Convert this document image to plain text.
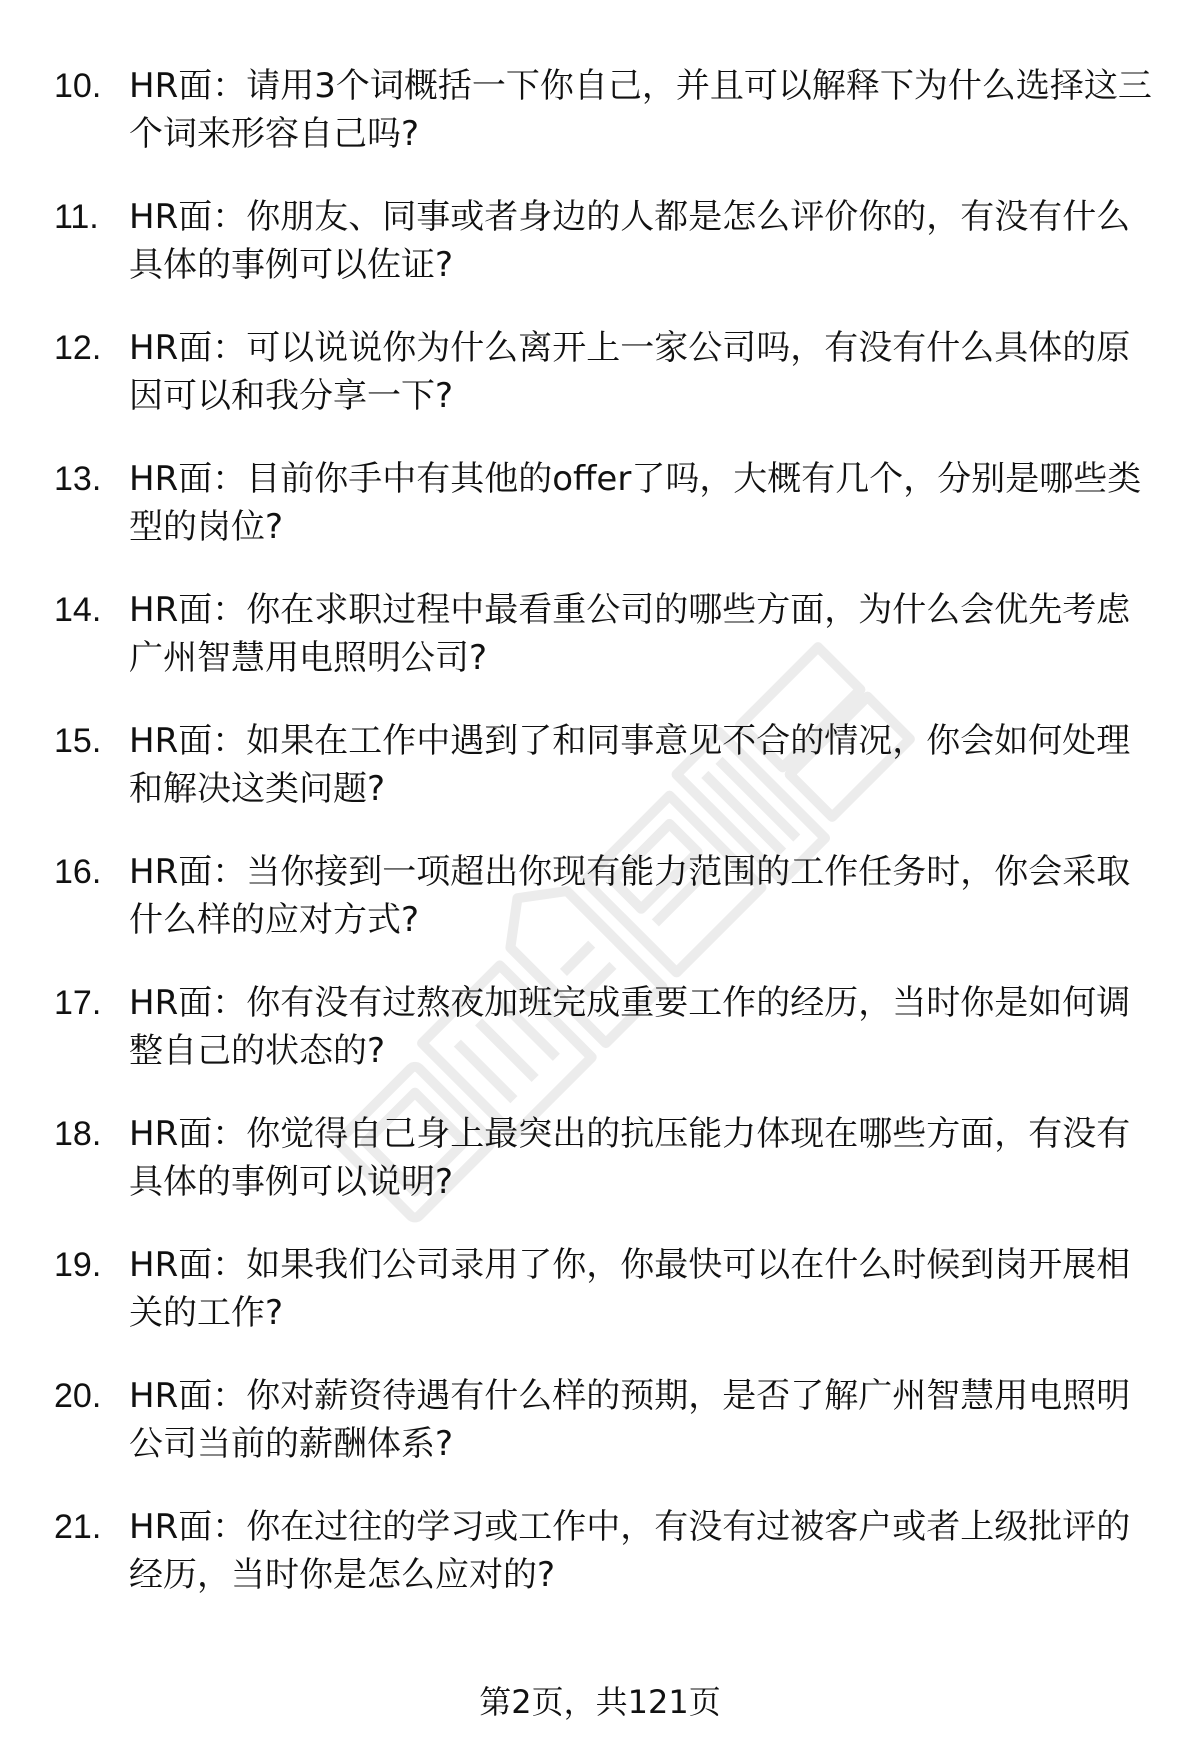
10. HR面：请用3个词概括一下你自己，并且可以解释下为什么选择这三个词来形容自己吗?
11. HR面：你朋友、同事或者身边的人都是怎么评价你的，有没有什么具体的事例可以佐证?
12. HR面：可以说说你为什么离开上一家公司吗，有没有什么具体的原因可以和我分享一下?
13. HR面：目前你手中有其他的offer了吗，大概有几个，分别是哪些类型的岗位?
14. HR面：你在求职过程中最看重公司的哪些方面，为什么会优先考虑广州智慧用电照明公司?
15. HR面：如果在工作中遇到了和同事意见不合的情况，你会如何处理和解决这类问题?
16. HR面：当你接到一项超出你现有能力范围的工作任务时，你会采取什么样的应对方式?
17. HR面：你有没有过熬夜加班完成重要工作的经历，当时你是如何调整自己的状态的?
18. HR面：你觉得自己身上最突出的抗压能力体现在哪些方面，有没有具体的事例可以说明?
19. HR面：如果我们公司录用了你，你最快可以在什么时候到岗开展相关的工作?
20. HR面：你对薪资待遇有什么样的预期，是否了解广州智慧用电照明公司当前的薪酬体系?
21. HR面：你在过往的学习或工作中，有没有过被客户或者上级批评的经历，当时你是怎么应对的?
第2页，共121页
